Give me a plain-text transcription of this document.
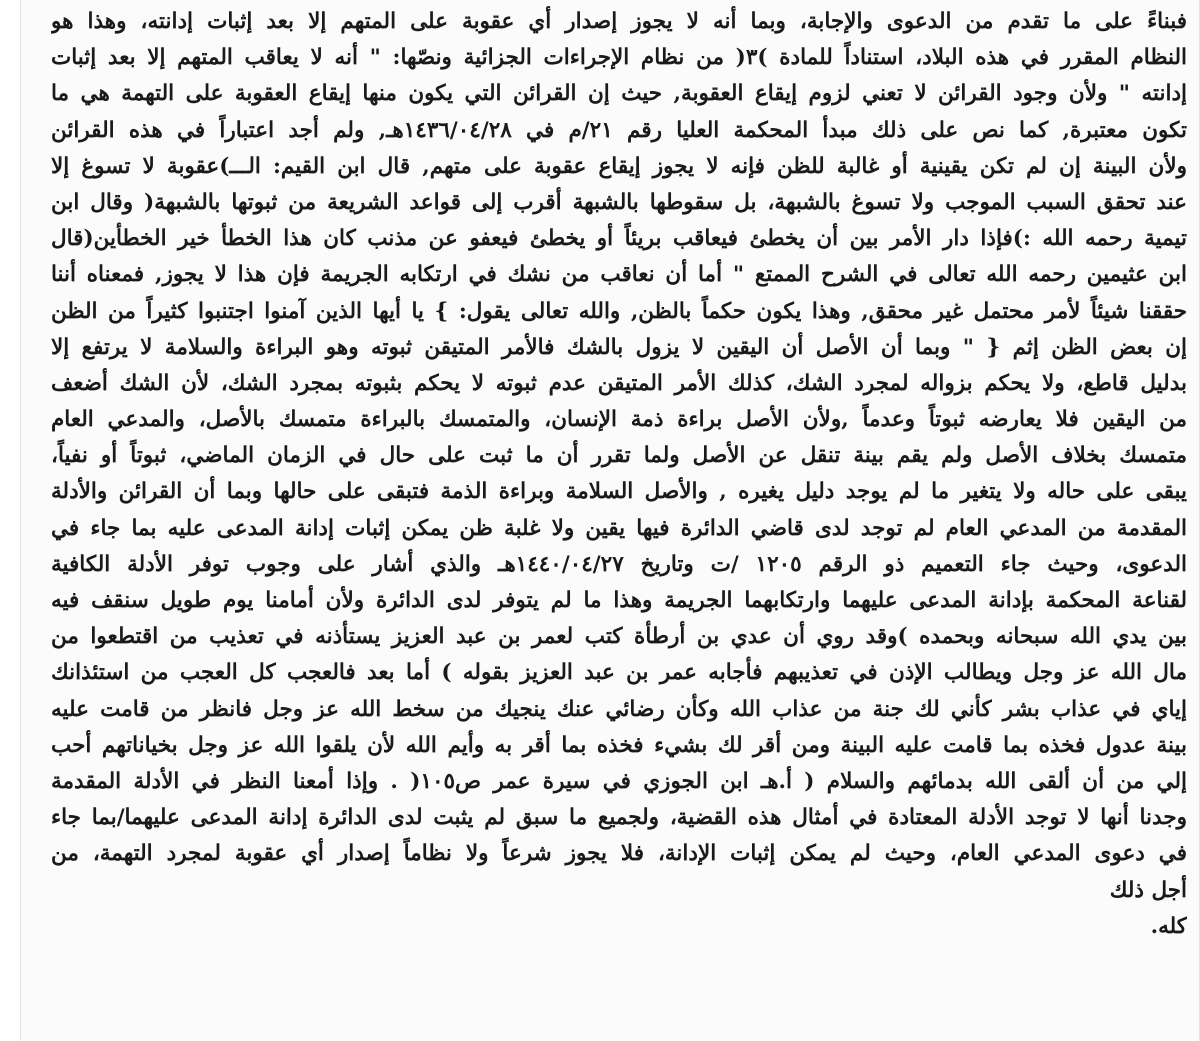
فبناءً على ما تقدم من الدعوى والإجابة، وبما أنه لا يجوز إصدار أي عقوبة على المتهم إلا بعد إثبات إدانته، وهذا هو
النظام المقرر في هذه البلاد، استناداً للمادة )٣( من نظام الإجراءات الجزائية ونصّها: " أنه لا يعاقب المتهم إلا بعد إثبات
إدانته " ولأن وجود القرائن لا تعني لزوم إيقاع العقوبة, حيث إن القرائن التي يكون منها إيقاع العقوبة على التهمة هي ما
تكون معتبرة, كما نص على ذلك مبدأ المحكمة العليا رقم ٢١/م في ١٤٣٦/٠٤/٢٨هـ, ولم أجد اعتباراً في هذه القرائن
ولأن البينة إن لم تكن يقينية أو غالبة للظن فإنه لا يجوز إيقاع عقوبة على متهم, قال ابن القيم: الـــ)عقوبة لا تسوغ إلا
عند تحقق السبب الموجب ولا تسوغ بالشبهة، بل سقوطها بالشبهة أقرب إلى قواعد الشريعة من ثبوتها بالشبهة( وقال ابن
تيمية رحمه الله :)فإذا دار الأمر بين أن يخطئ فيعاقب بريئاً أو يخطئ فيعفو عن مذنب كان هذا الخطأ خير الخطأين(قال
ابن عثيمين رحمه الله تعالى في الشرح الممتع " أما أن نعاقب من نشك في ارتكابه الجريمة فإن هذا لا يجوز, فمعناه أننا
حققنا شيئاً لأمر محتمل غير محقق, وهذا يكون حكماً بالظن, والله تعالى يقول: } يا أيها الذين آمنوا اجتنبوا كثيراً من الظن
إن بعض الظن إثم { " وبما أن الأصل أن اليقين لا يزول بالشك فالأمر المتيقن ثبوته وهو البراءة والسلامة لا يرتفع إلا
بدليل قاطع، ولا يحكم بزواله لمجرد الشك، كذلك الأمر المتيقن عدم ثبوته لا يحكم بثبوته بمجرد الشك، لأن الشك أضعف
من اليقين فلا يعارضه ثبوتاً وعدماً ,ولأن الأصل براءة ذمة الإنسان، والمتمسك بالبراءة متمسك بالأصل، والمدعي العام
متمسك بخلاف الأصل ولم يقم بينة تنقل عن الأصل ولما تقرر أن ما ثبت على حال في الزمان الماضي، ثبوتاً أو نفياً،
يبقى على حاله ولا يتغير ما لم يوجد دليل يغيره , والأصل السلامة وبراءة الذمة فتبقى على حالها وبما أن القرائن والأدلة
المقدمة من المدعي العام لم توجد لدى قاضي الدائرة فيها يقين ولا غلبة ظن يمكن إثبات إدانة المدعى عليه بما جاء في
الدعوى، وحيث جاء التعميم ذو الرقم ١٢٠٥ /ت وتاريخ ١٤٤٠/٠٤/٢٧هـ والذي أشار على وجوب توفر الأدلة الكافية
لقناعة المحكمة بإدانة المدعى عليهما وارتكابهما الجريمة وهذا ما لم يتوفر لدى الدائرة ولأن أمامنا يوم طويل سنقف فيه
بين يدي الله سبحانه وبحمده )وقد روي أن عدي بن أرطأة كتب لعمر بن عبد العزيز يستأذنه في تعذيب من اقتطعوا من
مال الله عز وجل ويطالب الإذن في تعذيبهم فأجابه عمر بن عبد العزيز بقوله ) أما بعد فالعجب كل العجب من استئذانك
إياي في عذاب بشر كأني لك جنة من عذاب الله وكأن رضائي عنك ينجيك من سخط الله عز وجل فانظر من قامت عليه
بينة عدول فخذه بما قامت عليه البينة ومن أقر لك بشيء فخذه بما أقر به وأيم الله لأن يلقوا الله عز وجل بخياناتهم أحب
إلي من أن ألقى الله بدمائهم والسلام ( أ.هـ ابن الجوزي في سيرة عمر ص١٠٥( . وإذا أمعنا النظر في الأدلة المقدمة
وجدنا أنها لا توجد الأدلة المعتادة في أمثال هذه القضية، ولجميع ما سبق لم يثبت لدى الدائرة إدانة المدعى عليهما/بما جاء
في دعوى المدعي العام، وحيث لم يمكن إثبات الإدانة، فلا يجوز شرعاً ولا نظاماً إصدار أي عقوبة لمجرد التهمة، من
أجل ذلك
كله.
